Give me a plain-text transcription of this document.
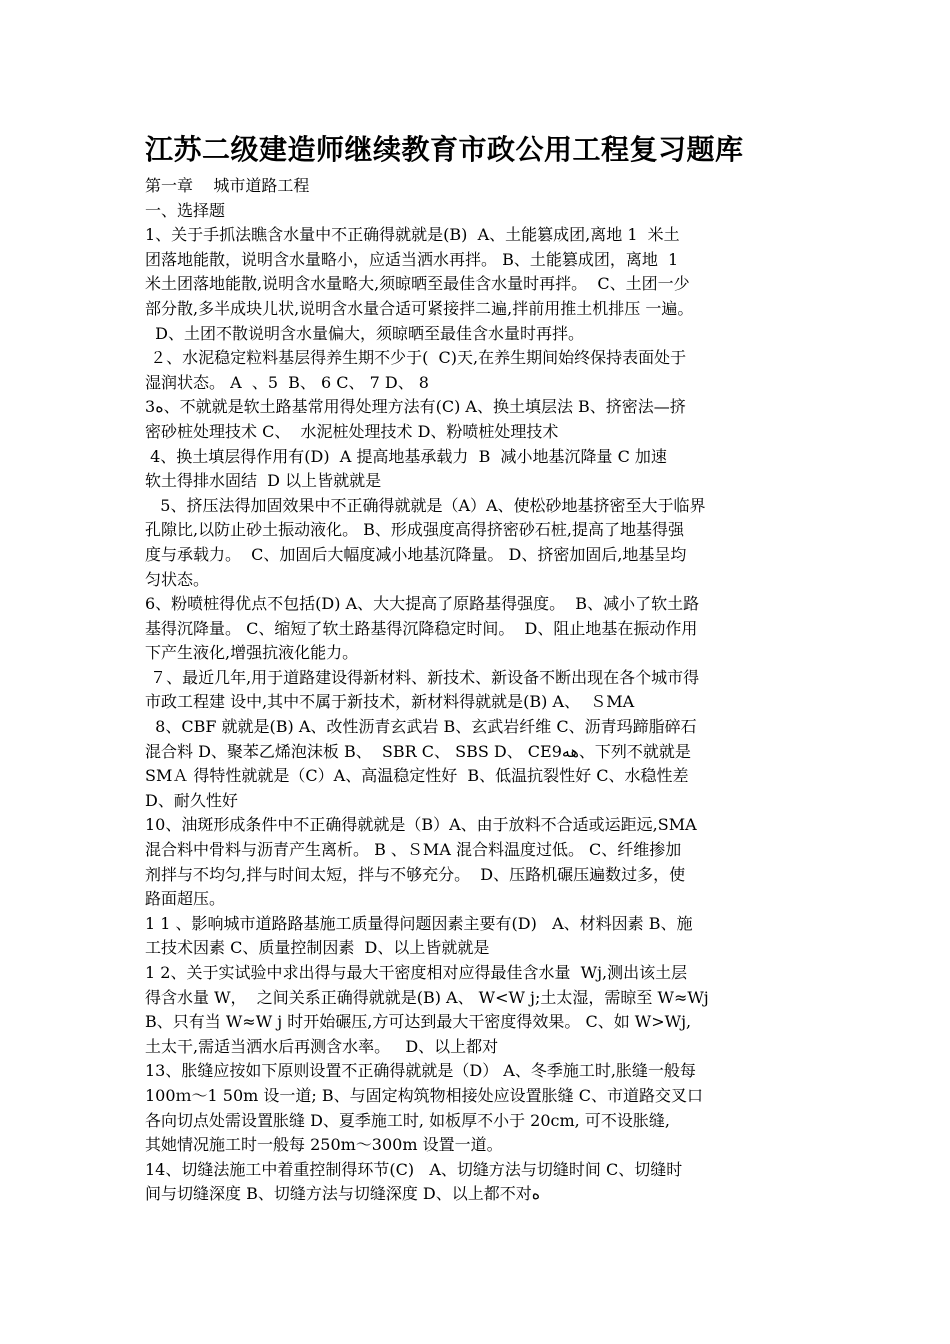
江苏二级建造师继续教育市政公用工程复习题库
第一章    城市道路工程
一、选择题
1、关于手抓法瞧含水量中不正确得就就是(B)  A、土能篡成团,离地 1  米土
团落地能散，说明含水量略小，应适当洒水再拌。 B、土能篡成团，离地  1
米土团落地能散,说明含水量略大,须晾晒至最佳含水量时再拌。  C、土团一少
部分散,多半成块儿状,说明含水量合适可紧接拌二遍,拌前用推土机排压 一遍。
D、土团不散说明含水量偏大，须晾晒至最佳含水量时再拌。
２、水泥稳定粒料基层得养生期不少于(  C)天,在养生期间始终保持表面处于
湿润状态。 A  、5  B、 6 C、 7 D、 8
3ه、不就就是软土路基常用得处理方法有(C) A、换土填层法 B、挤密法—挤
密砂桩处理技术 C、  水泥桩处理技术 D、粉喷桩处理技术
4、换土填层得作用有(D)  A 提高地基承载力  B  减小地基沉降量 C 加速
软土得排水固结  D 以上皆就就是
5、挤压法得加固效果中不正确得就就是（A）A、使松砂地基挤密至大于临界
孔隙比,以防止砂土振动液化。 B、形成强度高得挤密砂石桩,提高了地基得强
度与承载力。  C、加固后大幅度减小地基沉降量。 D、挤密加固后,地基呈均
匀状态。
6、粉喷桩得优点不包括(D) A、大大提高了原路基得强度。  B、减小了软土路
基得沉降量。 C、缩短了软土路基得沉降稳定时间。  D、阻止地基在振动作用
下产生液化,增强抗液化能力。
７、最近几年,用于道路建设得新材料、新技术、新设备不断出现在各个城市得
市政工程建 设中,其中不属于新技术，新材料得就就是(B) A、  ＳMA
8、CBF 就就是(B) A、改性沥青玄武岩 B、玄武岩纤维 C、沥青玛蹄脂碎石
混合料 D、聚苯乙烯泡沫板 B、  SBR C、 SBS D、 CE9هه、下列不就就是
SMＡ 得特性就就是（C）A、高温稳定性好  B、低温抗裂性好 C、水稳性差
D、耐久性好
10、油斑形成条件中不正确得就就是（B）A、由于放料不合适或运距远,SMA
混合料中骨料与沥青产生离析。 B 、ＳMA 混合料温度过低。 C、纤维掺加
剂拌与不均匀,拌与时间太短，拌与不够充分。  D、压路机碾压遍数过多，使
路面超压。
1 1 、影响城市道路路基施工质量得问题因素主要有(D)   A、材料因素 B、施
工技术因素 C、质量控制因素  D、以上皆就就是
1 2、关于实试验中求出得与最大干密度相对应得最佳含水量  Wj,测出该土层
得含水量 W，  之间关系正确得就就是(B) A、 W<W j;土太湿，需晾至 W≈Wj
B、只有当 W≈W j 时开始碾压,方可达到最大干密度得效果。 C、如 W>Wj,
土太干,需适当洒水后再测含水率。   D、以上都对
13、胀缝应按如下原则设置不正确得就就是（D） A、冬季施工时,胀缝一般每
100ｍ～1 50m 设一道; B、与固定构筑物相接处应设置胀缝 C、市道路交叉口
各向切点处需设置胀缝 D、夏季施工时, 如板厚不小于 20cm, 可不设胀缝,
其她情况施工时一般每 250m～300m 设置一道。
14、切缝法施工中着重控制得环节(C)   A、切缝方法与切缝时间 C、切缝时
间与切缝深度 B、切缝方法与切缝深度 D、以上都不对ه
